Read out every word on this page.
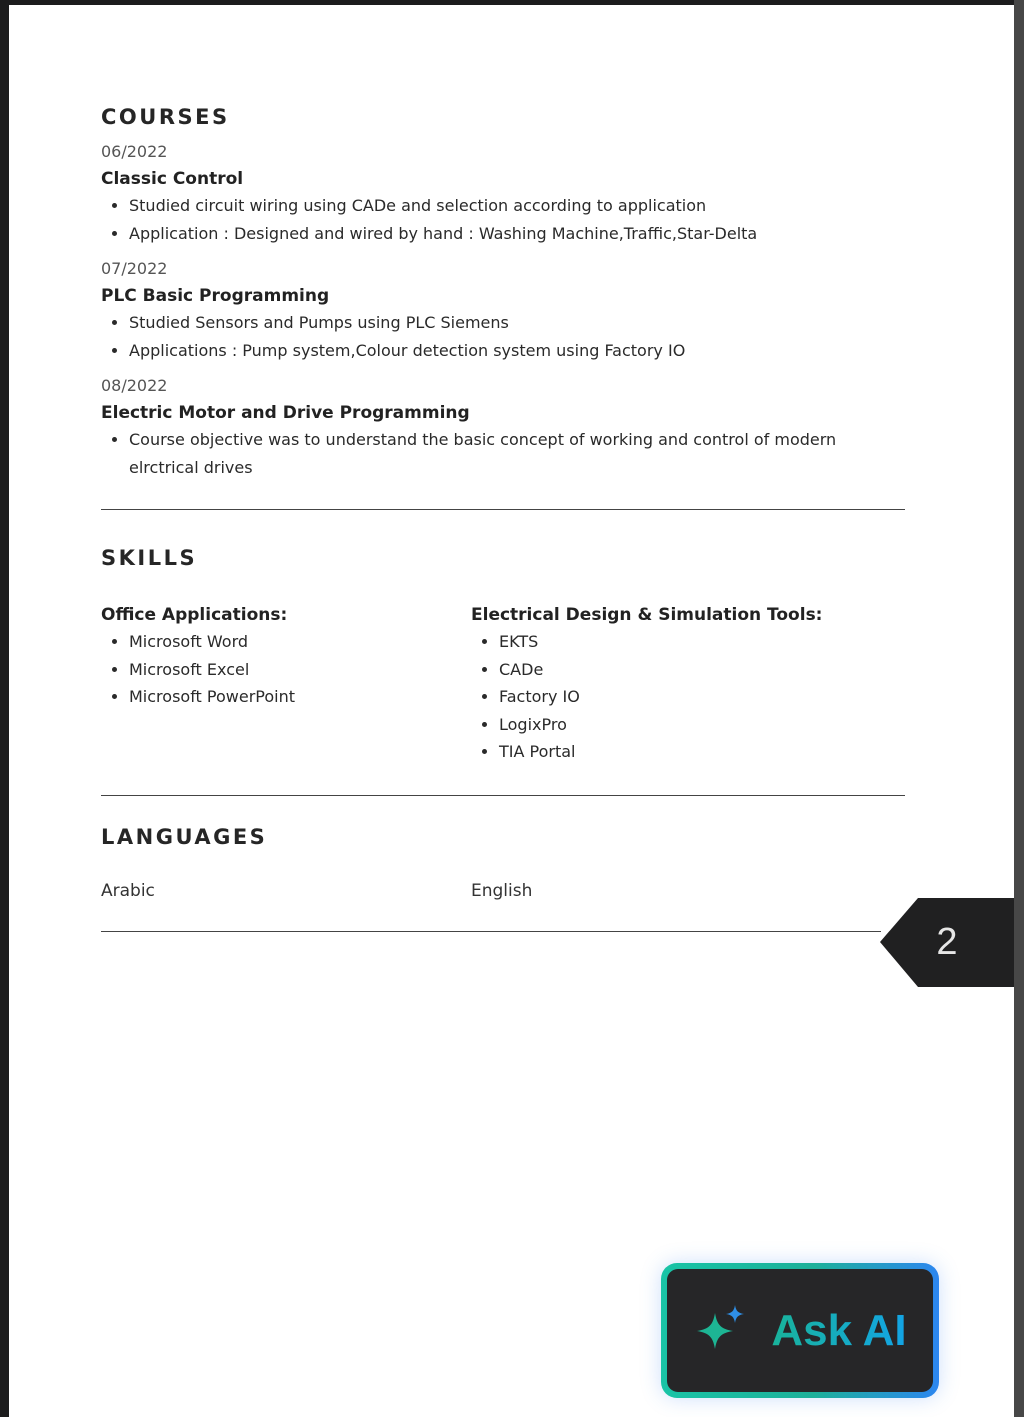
COURSES
06/2022
Classic Control
• Studied circuit wiring using CADe and selection according to application
• Application : Designed and wired by hand : Washing Machine,Traffic,Star-Delta
07/2022
PLC Basic Programming
• Studied Sensors and Pumps using PLC Siemens
• Applications : Pump system,Colour detection system using Factory IO
08/2022
Electric Motor and Drive Programming
• Course objective was to understand the basic concept of working and control of modern elrctrical drives
SKILLS
Office Applications:
• Microsoft Word
• Microsoft Excel
• Microsoft PowerPoint
Electrical Design & Simulation Tools:
• EKTS
• CADe
• Factory IO
• LogixPro
• TIA Portal
LANGUAGES
Arabic	English
2
Ask AI
